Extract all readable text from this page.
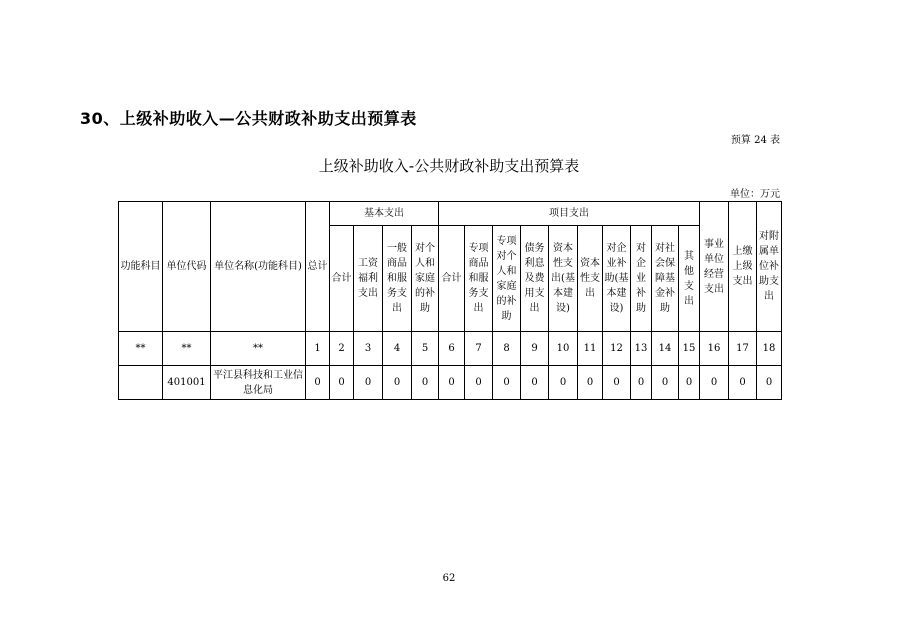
30、上级补助收入—公共财政补助支出预算表
预算 24 表
上级补助收入-公共财政补助支出预算表
单位：万元
功能科目	单位代码	单位名称(功能科目)	总计	基本支出				项目支出										事业单位经营支出	上缴上级支出	对附属单位补助支出
				合计	工资福利支出	一般商品和服务支出	对个人和家庭的补助	合计	专项商品和服务支出	专项对个人和家庭的补助	债务利息及费用支出	资本性支出(基本建设)	资本性支出	对企业补助(基本建设)	对企业补助	对社会保障基金补助	其他支出			
**	**	**	1	2	3	4	5	6	7	8	9	10	11	12	13	14	15	16	17	18
	401001	平江县科技和工业信息化局	0	0	0	0	0	0	0	0	0	0	0	0	0	0	0	0	0	0
62
